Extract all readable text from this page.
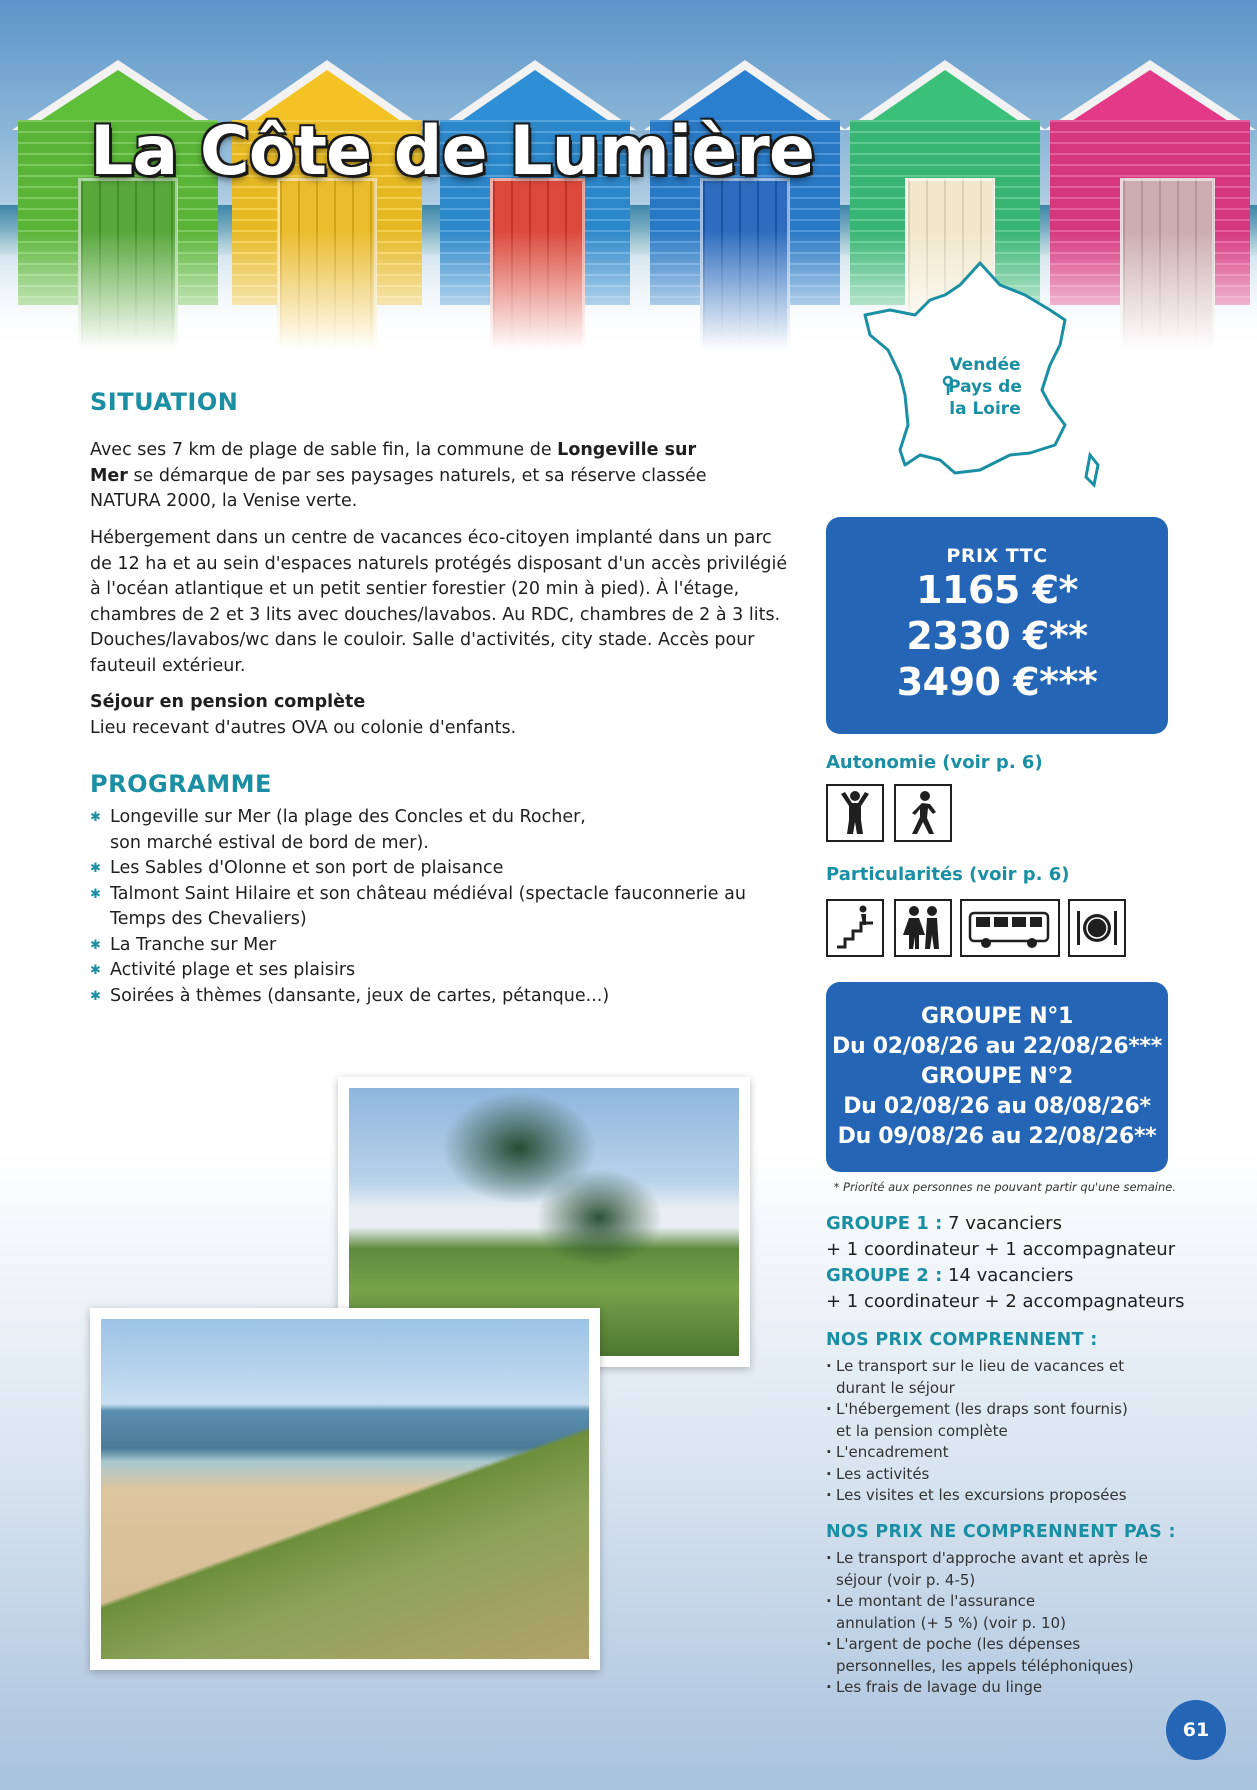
La Côte de Lumière
SITUATION

Avec ses 7 km de plage de sable fin, la commune de Longeville sur Mer se démarque de par ses paysages naturels, et sa réserve classée NATURA 2000, la Venise verte.

Hébergement dans un centre de vacances éco-citoyen implanté dans un parc de 12 ha et au sein d'espaces naturels protégés disposant d'un accès privilégié à l'océan atlantique et un petit sentier forestier (20 min à pied). À l'étage, chambres de 2 et 3 lits avec douches/lavabos. Au RDC, chambres de 2 à 3 lits. Douches/lavabos/wc dans le couloir. Salle d'activités, city stade. Accès pour fauteuil extérieur.

Séjour en pension complète
Lieu recevant d'autres OVA ou colonie d'enfants.

PROGRAMME
✱ Longeville sur Mer (la plage des Concles et du Rocher, son marché estival de bord de mer).
✱ Les Sables d'Olonne et son port de plaisance
✱ Talmont Saint Hilaire et son château médiéval (spectacle fauconnerie au Temps des Chevaliers)
✱ La Tranche sur Mer
✱ Activité plage et ses plaisirs
✱ Soirées à thèmes (dansante, jeux de cartes, pétanque...)
Vendée
Pays de
la Loire
PRIX TTC
1165 €*
2330 €**
3490 €***
Autonomie (voir p. 6)
Particularités (voir p. 6)
GROUPE N°1
Du 02/08/26 au 22/08/26***
GROUPE N°2
Du 02/08/26 au 08/08/26*
Du 09/08/26 au 22/08/26**
* Priorité aux personnes ne pouvant partir qu'une semaine.
GROUPE 1 : 7 vacanciers
+ 1 coordinateur + 1 accompagnateur
GROUPE 2 : 14 vacanciers
+ 1 coordinateur + 2 accompagnateurs
NOS PRIX COMPRENNENT :
· Le transport sur le lieu de vacances et durant le séjour
· L'hébergement (les draps sont fournis) et la pension complète
· L'encadrement
· Les activités
· Les visites et les excursions proposées
NOS PRIX NE COMPRENNENT PAS :
· Le transport d'approche avant et après le séjour (voir p. 4-5)
· Le montant de l'assurance annulation (+ 5 %) (voir p. 10)
· L'argent de poche (les dépenses personnelles, les appels téléphoniques)
· Les frais de lavage du linge
61
